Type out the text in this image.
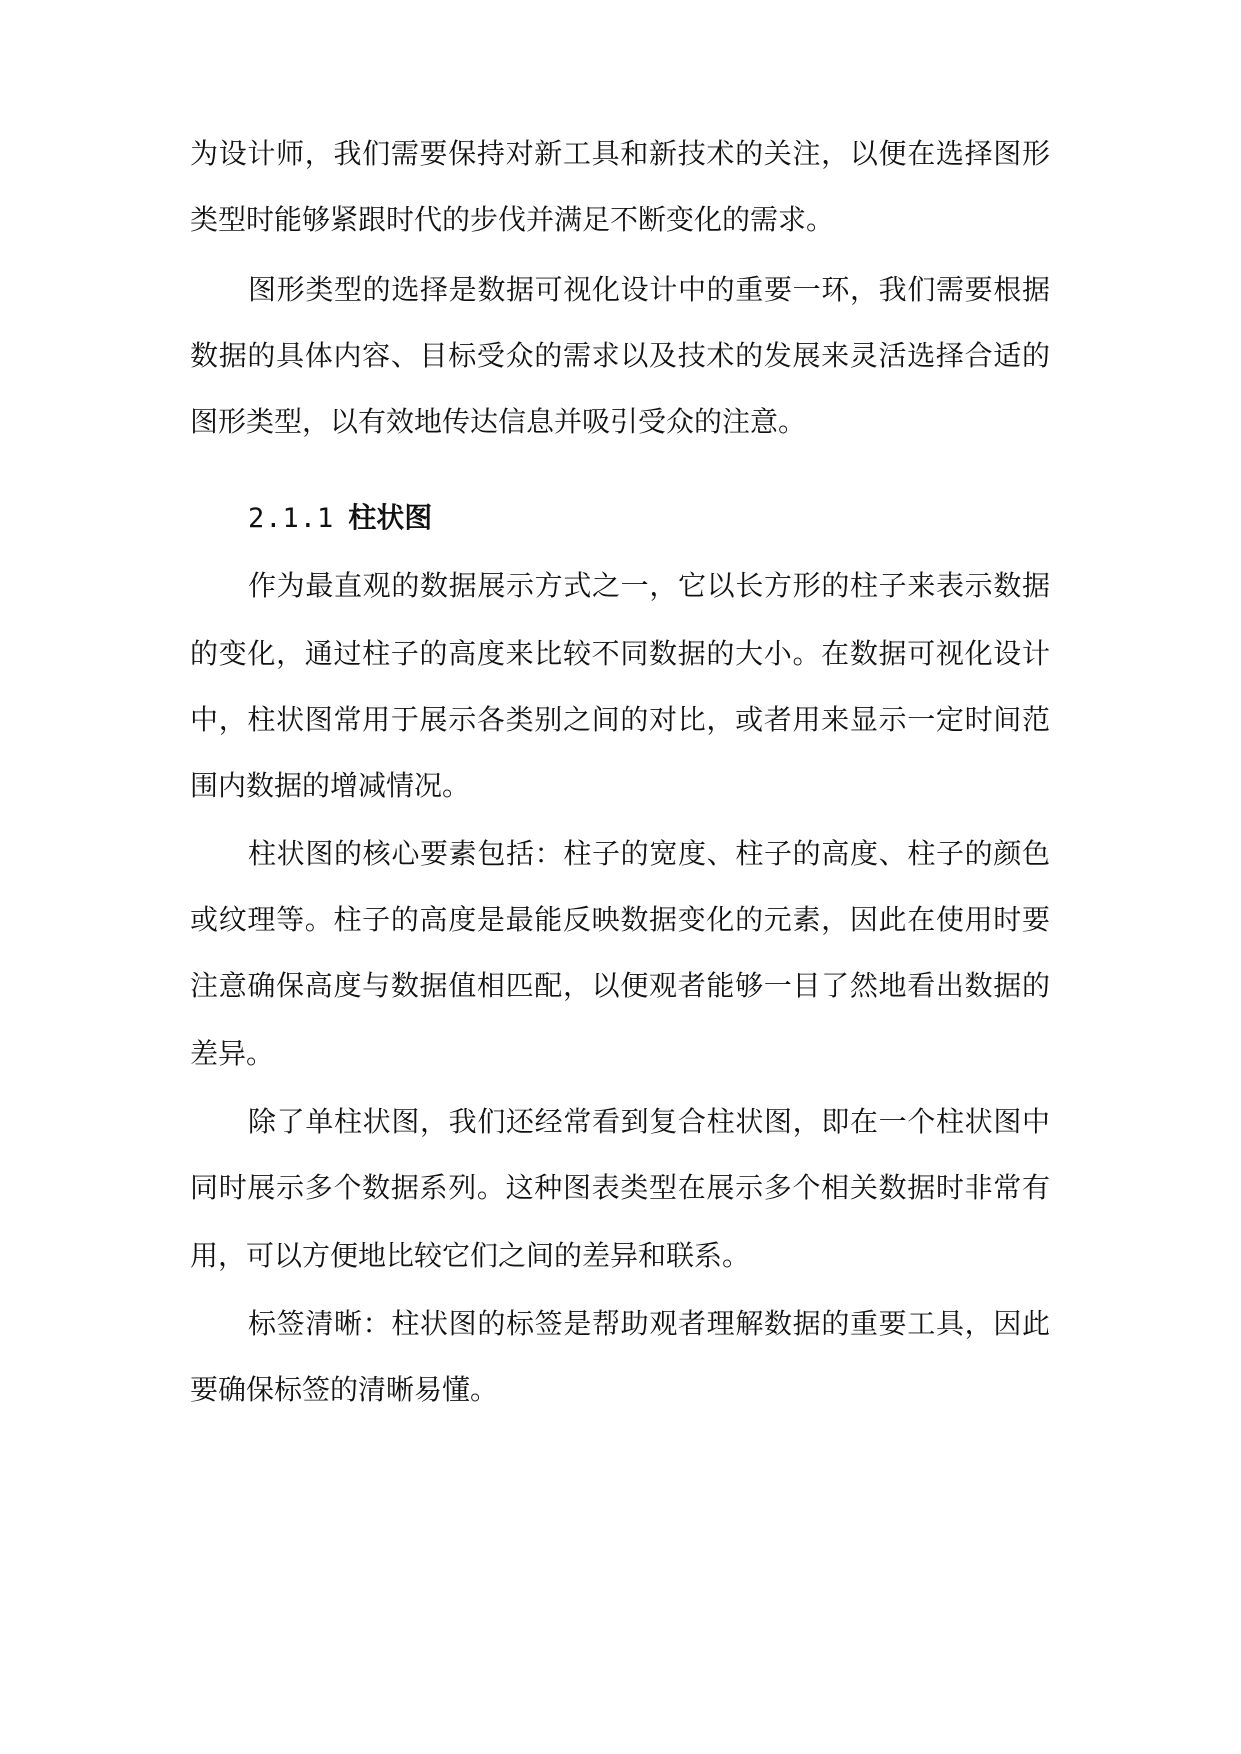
为设计师，我们需要保持对新工具和新技术的关注，以便在选择图形
类型时能够紧跟时代的步伐并满足不断变化的需求。
图形类型的选择是数据可视化设计中的重要一环，我们需要根据
数据的具体内容、目标受众的需求以及技术的发展来灵活选择合适的
图形类型，以有效地传达信息并吸引受众的注意。
2.1.1 柱状图
作为最直观的数据展示方式之一，它以长方形的柱子来表示数据
的变化，通过柱子的高度来比较不同数据的大小。在数据可视化设计
中，柱状图常用于展示各类别之间的对比，或者用来显示一定时间范
围内数据的增减情况。
柱状图的核心要素包括：柱子的宽度、柱子的高度、柱子的颜色
或纹理等。柱子的高度是最能反映数据变化的元素，因此在使用时要
注意确保高度与数据值相匹配，以便观者能够一目了然地看出数据的
差异。
除了单柱状图，我们还经常看到复合柱状图，即在一个柱状图中
同时展示多个数据系列。这种图表类型在展示多个相关数据时非常有
用，可以方便地比较它们之间的差异和联系。
标签清晰：柱状图的标签是帮助观者理解数据的重要工具，因此
要确保标签的清晰易懂。
